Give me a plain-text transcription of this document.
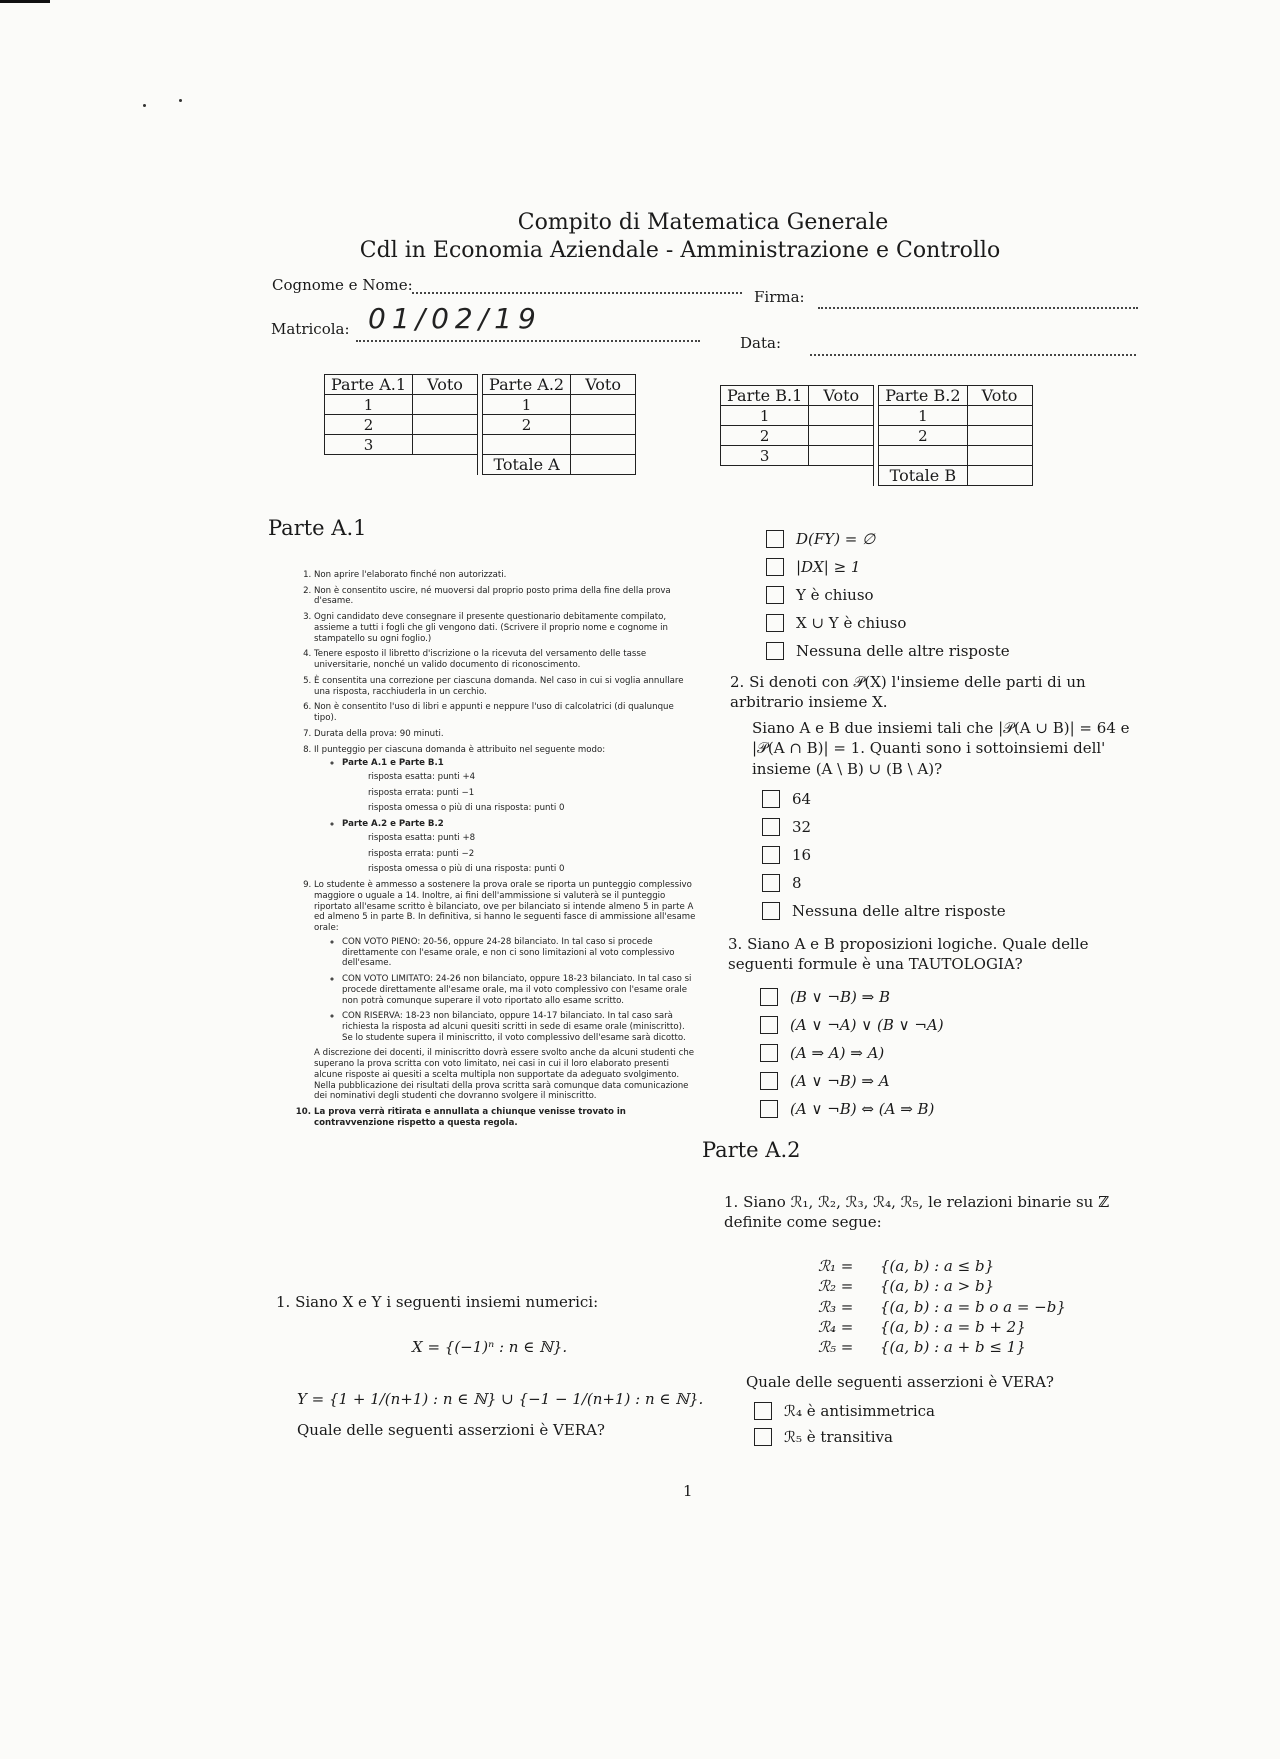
Compito di Matematica Generale
Cdl in Economia Aziendale - Amministrazione e Controllo
Cognome e Nome:
Firma:
Matricola: 01/02/19
Data:
Parte A.1	Voto		Parte A.2	Voto
1			1	
2			2	
3				
			Totale A	
Parte B.1	Voto		Parte B.2	Voto
1			1	
2			2	
3				
			Totale B	
Parte A.1
1. Non aprire l'elaborato finché non autorizzati.
2. Non è consentito uscire, né muoversi dal proprio posto prima della fine della prova d'esame.
3. Ogni candidato deve consegnare il presente questionario debitamente compilato, assieme a tutti i fogli che gli vengono dati. (Scrivere il proprio nome e cognome in stampatello su ogni foglio.)
4. Tenere esposto il libretto d'iscrizione o la ricevuta del versamento delle tasse universitarie, nonché un valido documento di riconoscimento.
5. È consentita una correzione per ciascuna domanda. Nel caso in cui si voglia annullare una risposta, racchiuderla in un cerchio.
6. Non è consentito l'uso di libri e appunti e neppure l'uso di calcolatrici (di qualunque tipo).
7. Durata della prova: 90 minuti.
8. Il punteggio per ciascuna domanda è attribuito nel seguente modo:
◦ Parte A.1 e Parte B.1
risposta esatta: punti +4
risposta errata: punti −1
risposta omessa o più di una risposta: punti 0
◦ Parte A.2 e Parte B.2
risposta esatta: punti +8
risposta errata: punti −2
risposta omessa o più di una risposta: punti 0
9. Lo studente è ammesso a sostenere la prova orale se riporta un punteggio complessivo maggiore o uguale a 14. Inoltre, ai fini dell'ammissione si valuterà se il punteggio riportato all'esame scritto è bilanciato, ove per bilanciato si intende almeno 5 in parte A ed almeno 5 in parte B. In definitiva, si hanno le seguenti fasce di ammissione all'esame orale:
◦ CON VOTO PIENO: 20-56, oppure 24-28 bilanciato. In tal caso si procede direttamente con l'esame orale, e non ci sono limitazioni al voto complessivo dell'esame.
◦ CON VOTO LIMITATO: 24-26 non bilanciato, oppure 18-23 bilanciato. In tal caso si procede direttamente all'esame orale, ma il voto complessivo con l'esame orale non potrà comunque superare il voto riportato allo esame scritto.
◦ CON RISERVA: 18-23 non bilanciato, oppure 14-17 bilanciato. In tal caso sarà richiesta la risposta ad alcuni quesiti scritti in sede di esame orale (miniscritto). Se lo studente supera il miniscritto, il voto complessivo dell'esame sarà dicotto.
A discrezione dei docenti, il miniscritto dovrà essere svolto anche da alcuni studenti che superano la prova scritta con voto limitato, nei casi in cui il loro elaborato presenti alcune risposte ai quesiti a scelta multipla non supportate da adeguato svolgimento. Nella pubblicazione dei risultati della prova scritta sarà comunque data comunicazione dei nominativi degli studenti che dovranno svolgere il miniscritto.
10. La prova verrà ritirata e annullata a chiunque venisse trovato in contravvenzione rispetto a questa regola.
1. Siano X e Y i seguenti insiemi numerici:
X = {(−1)ⁿ : n ∈ ℕ}.
Y = {1 + 1/(n+1) : n ∈ ℕ} ∪ {−1 − 1/(n+1) : n ∈ ℕ}.
Quale delle seguenti asserzioni è VERA?
D(FY) = ∅
|DX| ≥ 1
Y è chiuso
X ∪ Y è chiuso
Nessuna delle altre risposte
2. Si denoti con 𝒫(X) l'insieme delle parti di un arbitrario insieme X.
Siano A e B due insiemi tali che |𝒫(A ∪ B)| = 64 e |𝒫(A ∩ B)| = 1. Quanti sono i sottoinsiemi dell' insieme (A \ B) ∪ (B \ A)?
64
32
16
8
Nessuna delle altre risposte
3. Siano A e B proposizioni logiche. Quale delle seguenti formule è una TAUTOLOGIA?
(B ∨ ¬B) ⇒ B
(A ∨ ¬A) ∨ (B ∨ ¬A)
(A ⇒ A) ⇒ A)
(A ∨ ¬B) ⇒ A
(A ∨ ¬B) ⇔ (A ⇒ B)
Parte A.2
1. Siano ℛ₁, ℛ₂, ℛ₃, ℛ₄, ℛ₅, le relazioni binarie su ℤ definite come segue:
ℛ₁ = {(a, b) : a ≤ b}
ℛ₂ = {(a, b) : a > b}
ℛ₃ = {(a, b) : a = b o a = −b}
ℛ₄ = {(a, b) : a = b + 2}
ℛ₅ = {(a, b) : a + b ≤ 1}
Quale delle seguenti asserzioni è VERA?
ℛ₄ è antisimmetrica
ℛ₅ è transitiva
1
